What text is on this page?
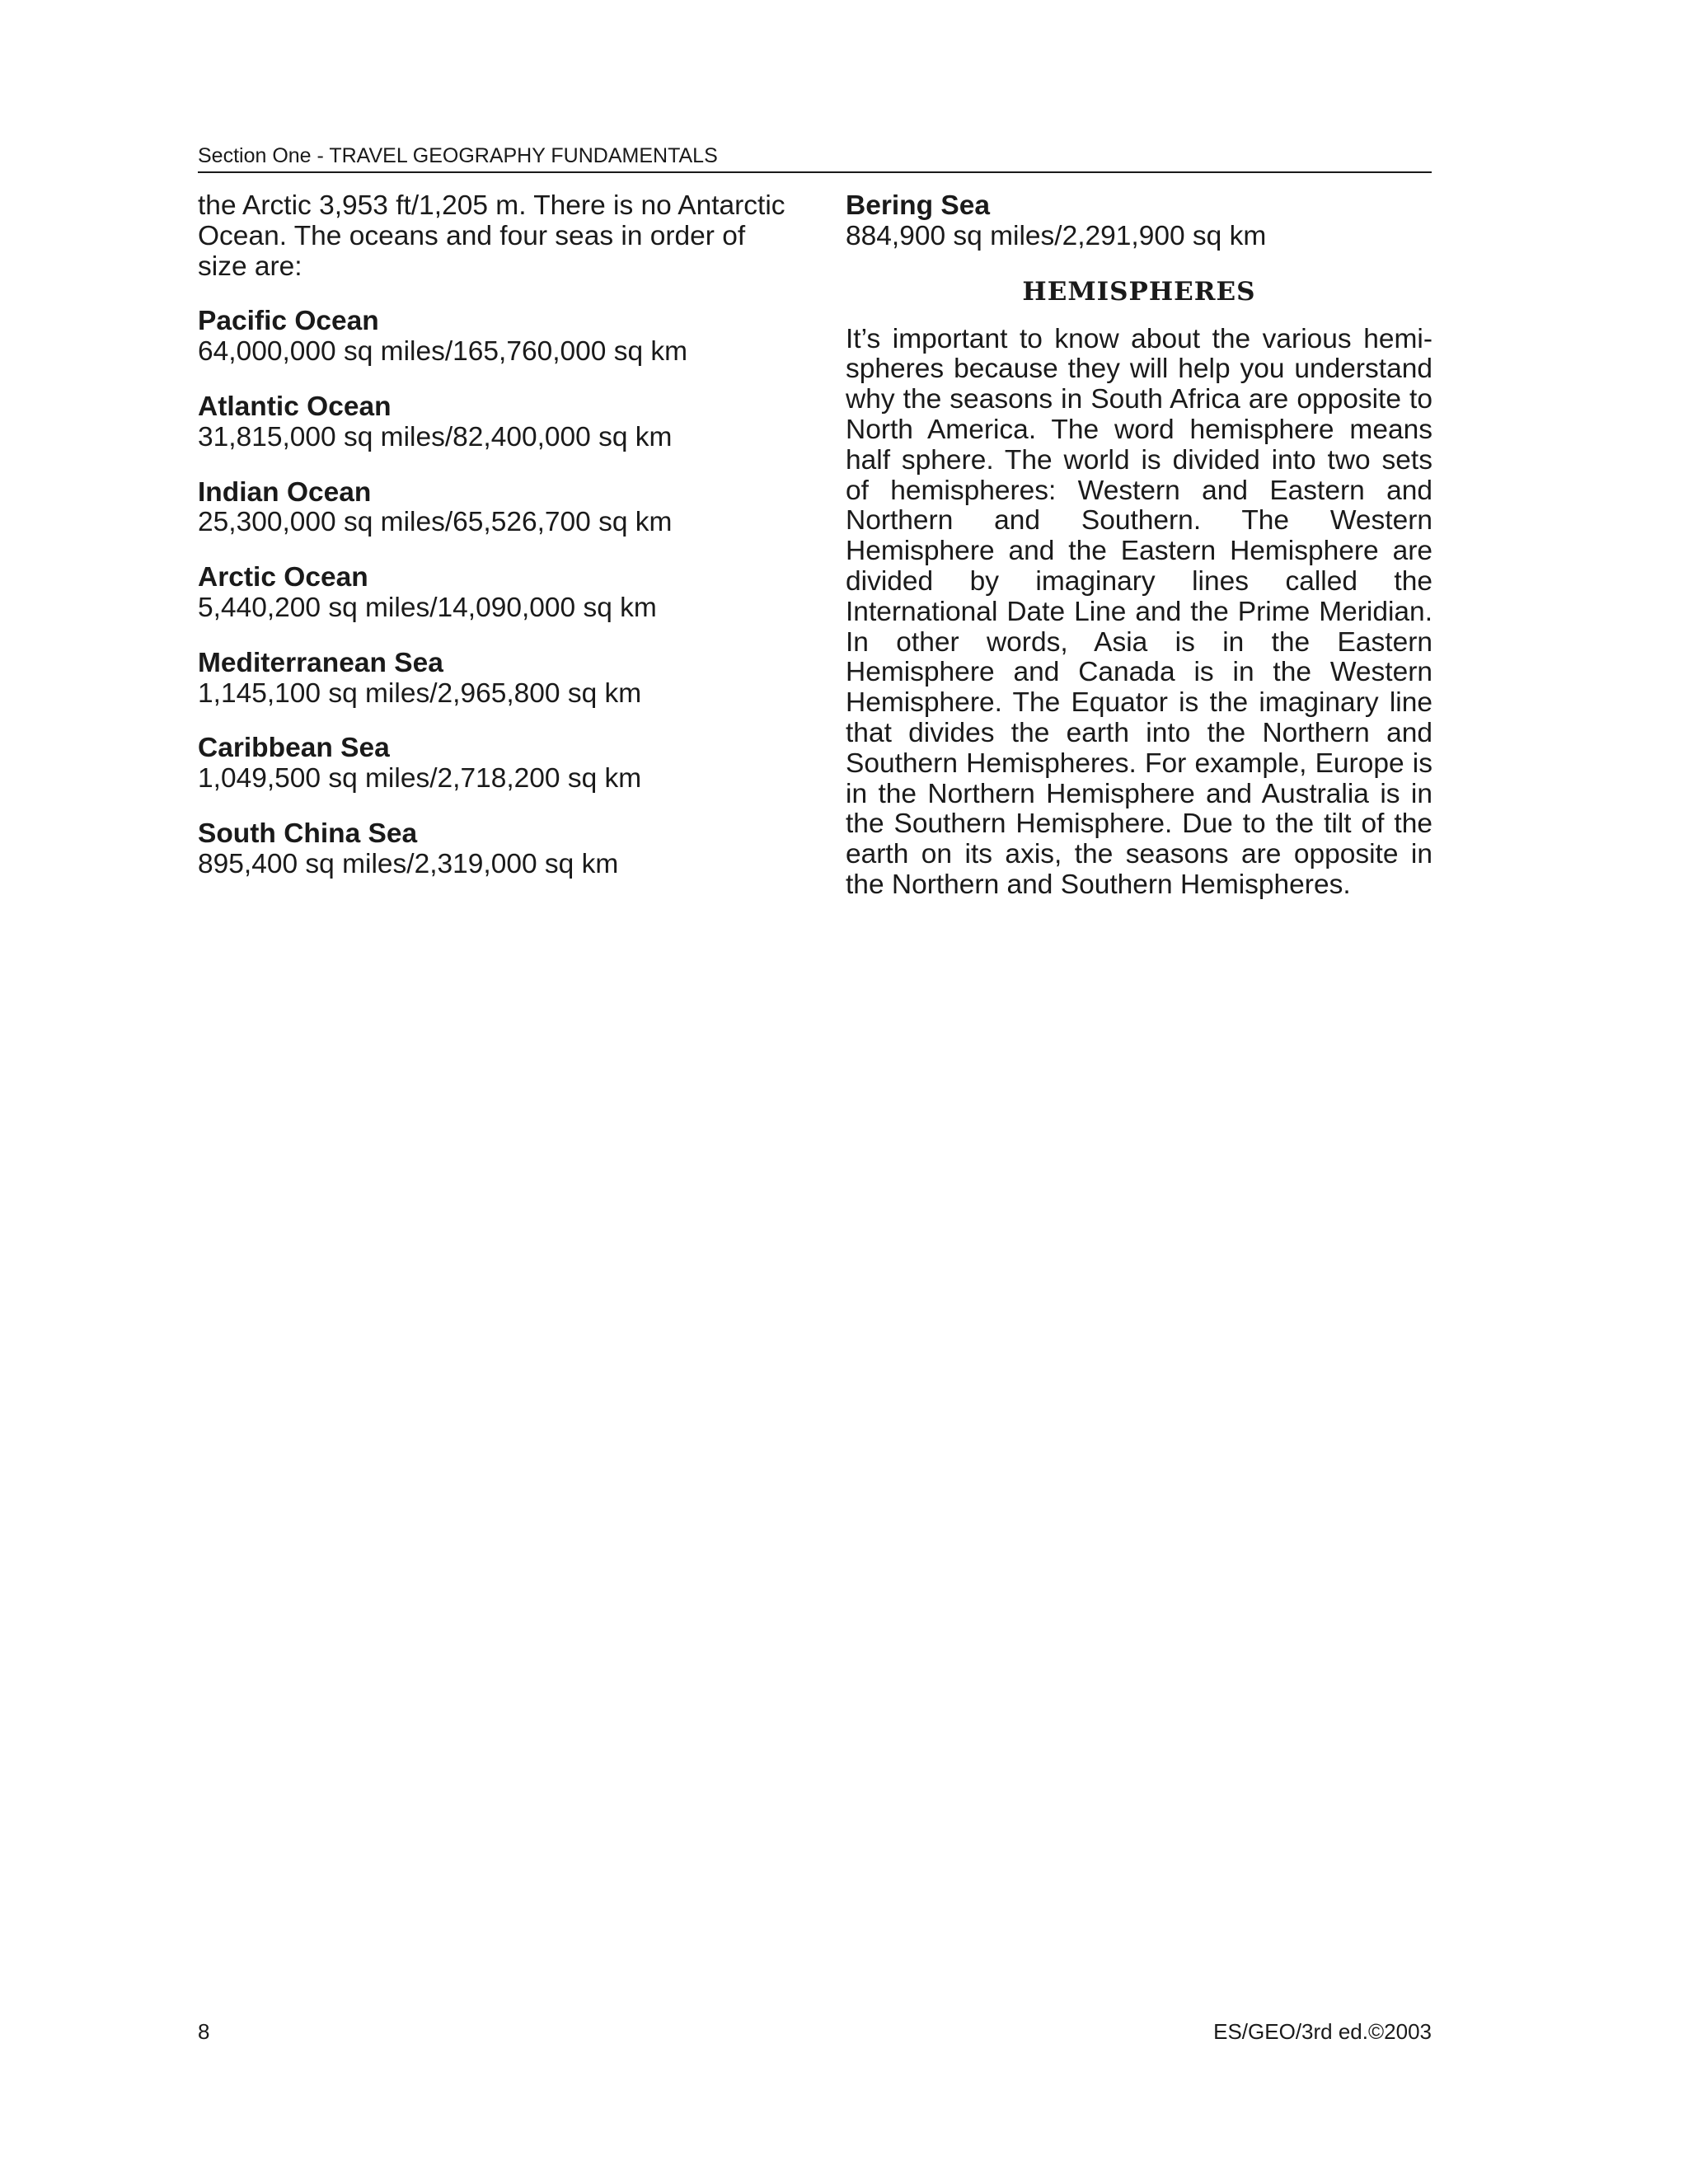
Section One - TRAVEL GEOGRAPHY FUNDAMENTALS

the Arctic 3,953 ft/1,205 m. There is no Antarctic Ocean. The oceans and four seas in order of size are:

Pacific Ocean
64,000,000 sq miles/165,760,000 sq km
Atlantic Ocean
31,815,000 sq miles/82,400,000 sq km
Indian Ocean
25,300,000 sq miles/65,526,700 sq km
Arctic Ocean
5,440,200 sq miles/14,090,000 sq km
Mediterranean Sea
1,145,100 sq miles/2,965,800 sq km
Caribbean Sea
1,049,500 sq miles/2,718,200 sq km
South China Sea
895,400 sq miles/2,319,000 sq km
Bering Sea
884,900 sq miles/2,291,900 sq km
HEMISPHERES

It’s important to know about the various hemispheres because they will help you understand why the seasons in South Africa are opposite to North America. The word hemisphere means half sphere. The world is divided into two sets of hemispheres: Western and Eastern and Northern and Southern. The Western Hemisphere and the Eastern Hemisphere are divided by imaginary lines called the International Date Line and the Prime Meridian. In other words, Asia is in the Eastern Hemisphere and Canada is in the Western Hemisphere. The Equator is the imaginary line that divides the earth into the Northern and Southern Hemispheres. For example, Europe is in the Northern Hemisphere and Australia is in the Southern Hemisphere. Due to the tilt of the earth on its axis, the seasons are opposite in the Northern and Southern Hemispheres.

8	ES/GEO/3rd ed.©2003
